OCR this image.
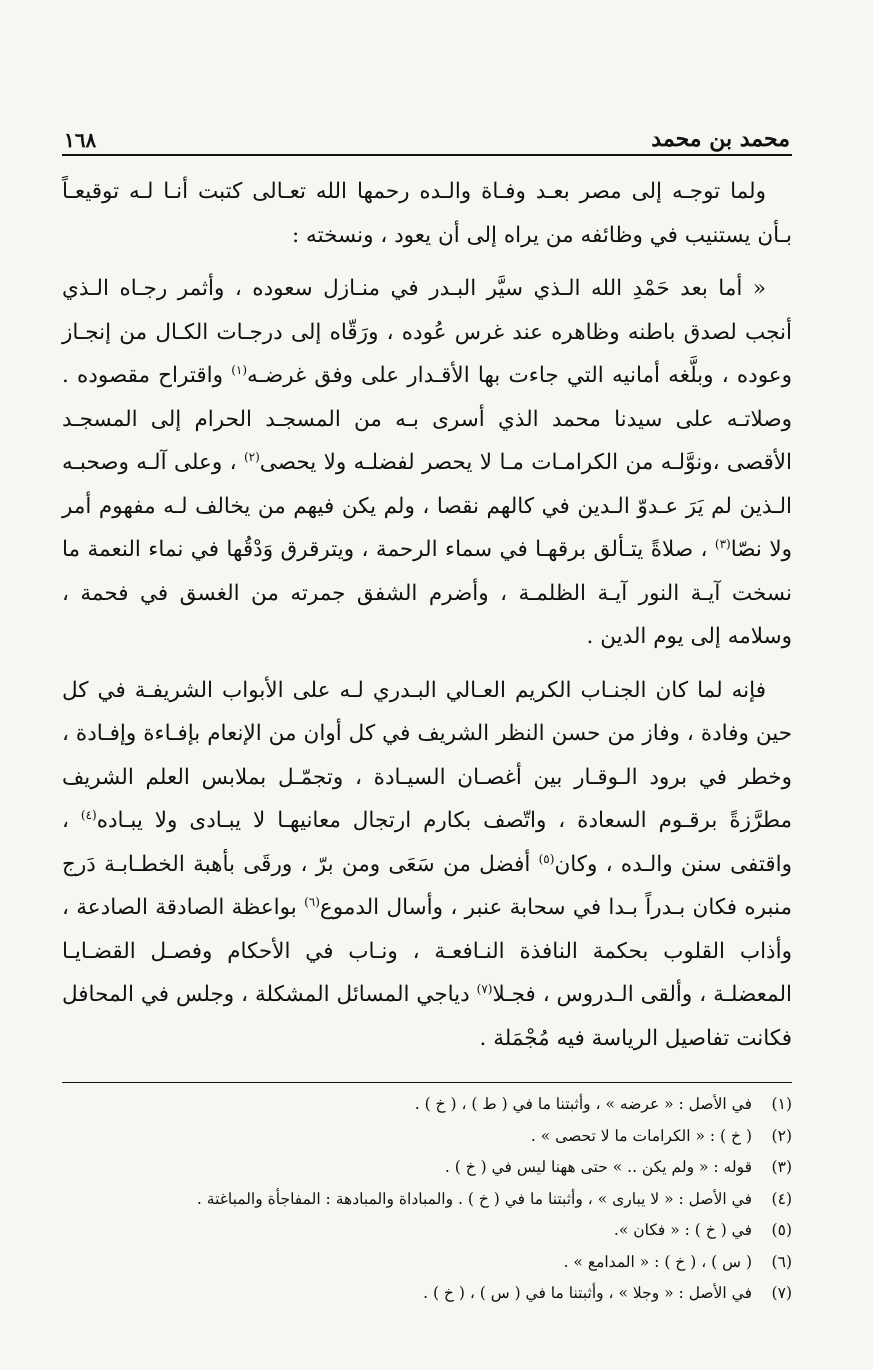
محمد بن محمد
١٦٨

ولما توجـه إلى مصر بعـد وفـاة والـده رحمها الله تعـالى كتبت أنـا لـه توقيعـاً بـأن يستنيب في وظائفه من يراه إلى أن يعود ، ونسخته :

« أما بعد حَمْدِ الله الـذي سيَّر البـدر في منـازل سعوده ، وأثمر رجـاه الـذي أنجب لصدق باطنه وظاهره عند غرس عُوده ، ورَقّاه إلى درجـات الكـال من إنجـاز وعوده ، وبلَّغه أمانيه التي جاءت بها الأقـدار على وفق غرضـه$^{(١)}$ واقتراح مقصوده . وصلاتـه على سيدنا محمد الذي أسرى بـه من المسجـد الحرام إلى المسجـد الأقصى ،ونوَّلـه من الكرامـات مـا لا يحصر لفضلـه ولا يحصى$^{(٢)}$ ، وعلى آلـه وصحبـه الـذين لم يَرَ عـدوّ الـدين في كالهم نقصا ، ولم يكن فيهم من يخالف لـه مفهوم أمر ولا نصّا$^{(٣)}$ ، صلاةً يتـألق برقهـا في سماء الرحمة ، ويترقرق وَدْقُها في نماء النعمة ما نسخت آيـة النور آيـة الظلمـة ، وأضرم الشفق جمرته من الغسق في فحمة ، وسلامه إلى يوم الدين .

فإنه لما كان الجنـاب الكريم العـالي البـدري لـه على الأبواب الشريفـة في كل حين وفادة ، وفاز من حسن النظر الشريف في كل أوان من الإنعام بإفـاءة وإفـادة ، وخطر في برود الـوقـار بين أغصـان السيـادة ، وتجمّـل بملابس العلم الشريف مطرَّزةً برقـوم السعادة ، واتّصف بكارم ارتجال معانيهـا لا يبـادى ولا يبـاده$^{(٤)}$ ، واقتفى سنن والـده ، وكان$^{(٥)}$ أفضل من سَعَى ومن برّ ، ورقَى بأهبة الخطـابـة دَرج منبره فكان بـدراً بـدا في سحابة عنبر ، وأسال الدموع$^{(٦)}$ بواعظة الصادقة الصادعة ، وأذاب القلوب بحكمة النافذة النـافعـة ، ونـاب في الأحكام وفصـل القضـايـا المعضلـة ، وألقى الـدروس ، فجـلا$^{(٧)}$ دياجي المسائل المشكلة ، وجلس في المحافل فكانت تفاصيل الرياسة فيه مُجْمَلة .

(١)
في الأصل : « عرضه » ، وأثبتنا ما في ( ط ) ، ( خ ) .
(٢)
( خ ) : « الكرامات ما لا تحصى » .
(٣)
قوله : « ولم يكن .. » حتى ههنا ليس في ( خ ) .
(٤)
في الأصل : « لا يبارى » ، وأثبتنا ما في ( خ ) . والمباداة والمبادهة : المفاجأة والمباغتة .
(٥)
في ( خ ) : « فكان ».
(٦)
( س ) ، ( خ ) : « المدامع » .
(٧)
في الأصل : « وجلا » ، وأثبتنا ما في ( س ) ، ( خ ) .
